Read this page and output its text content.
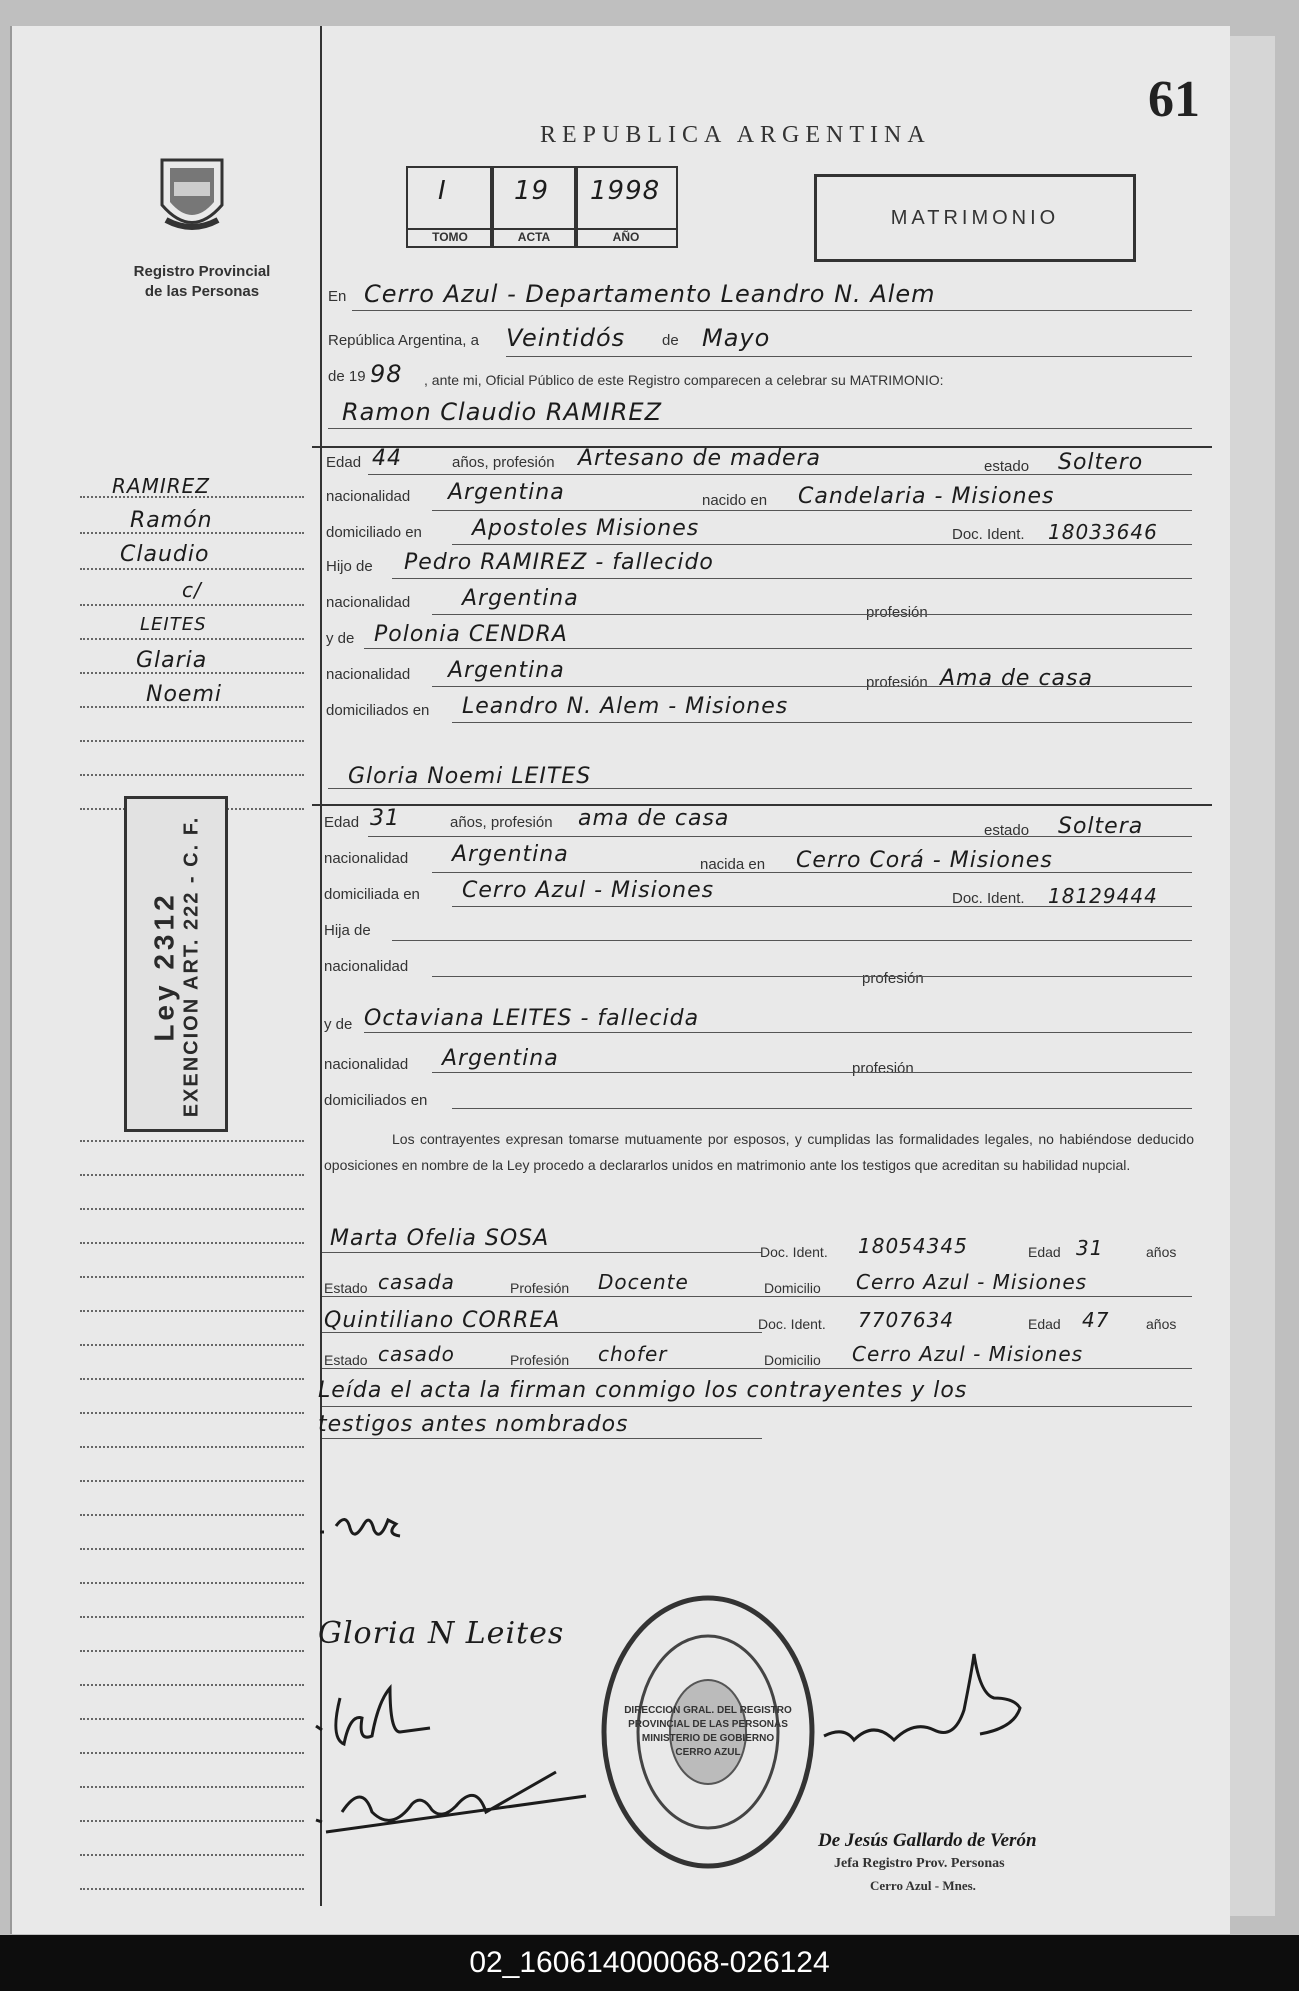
61
Registro Provincial
de las Personas
REPUBLICA ARGENTINA
I
TOMO
19
ACTA
1998
AÑO
MATRIMONIO
En Cerro Azul - Departamento Leandro N. Alem
República Argentina, a Veintidós de Mayo
de 19 98 , ante mi, Oficial Público de este Registro comparecen a celebrar su MATRIMONIO:
Ramon Claudio RAMIREZ
Edad 44	años, profesión Artesano de madera	estado Soltero
nacionalidad Argentina	nacido en Candelaria - Misiones
domiciliado en Apostoles Misiones	Doc. Ident. 18033646
Hijo de Pedro RAMIREZ - fallecido
nacionalidad Argentina
profesión
y de Polonia CENDRA
nacionalidad Argentina	profesión Ama de casa
domiciliados en Leandro N. Alem - Misiones
Gloria Noemi LEITES
Edad 31	años, profesión ama de casa	estado Soltera
nacionalidad Argentina	nacida en Cerro Corá - Misiones
domiciliada en Cerro Azul - Misiones	Doc. Ident. 18129444
Hija de
nacionalidad
profesión
y de Octaviana LEITES - fallecida
nacionalidad Argentina	profesión
domiciliados en
Los contrayentes expresan tomarse mutuamente por esposos, y cumplidas las formalidades legales, no habiéndose deducido oposiciones en nombre de la Ley procedo a declararlos unidos en matrimonio ante los testigos que acreditan su habilidad nupcial.
Marta Ofelia SOSA
Doc. Ident. 18054345	Edad 31	años
Estado casada	Profesión Docente	Domicilio Cerro Azul - Misiones
Quintiliano CORREA	Doc. Ident. 7707634	Edad 47	años
Estado casado	Profesión chofer	Domicilio Cerro Azul - Misiones
Leída el acta la firman conmigo los contrayentes y los
testigos antes nombrados
Gloria N Leites
DIRECCION GRAL. DEL REGISTRO PROVINCIAL DE LAS PERSONAS
MINISTERIO DE GOBIERNO
CERRO AZUL
De Jesús Gallardo de Verón
Jefa Registro Prov. Personas
Cerro Azul - Mnes.
RAMIREZ
Ramón
Claudio
c/
LEITES
Glaria
Noemi
Ley 2312 EXENCION ART. 222 - C. F.
02_160614000068-026124
